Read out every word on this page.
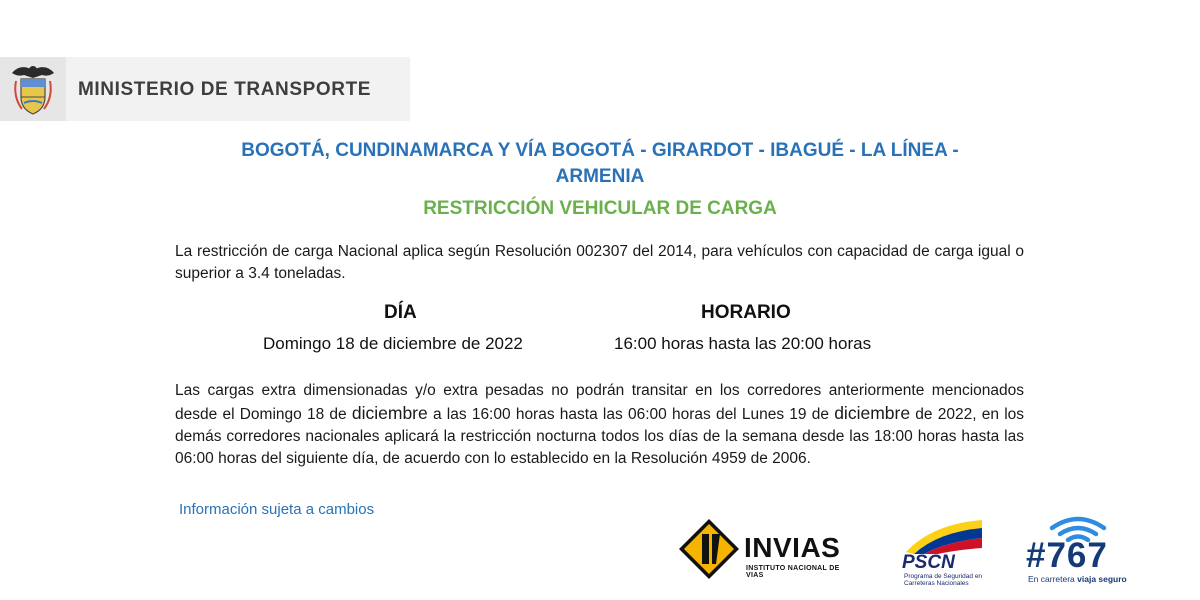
MINISTERIO DE TRANSPORTE
BOGOTÁ, CUNDINAMARCA Y VÍA BOGOTÁ - GIRARDOT - IBAGUÉ - LA LÍNEA -
ARMENIA
RESTRICCIÓN VEHICULAR DE CARGA
La restricción de carga Nacional aplica según Resolución 002307 del 2014, para vehículos con capacidad de carga igual o superior a 3.4 toneladas.
DÍA	HORARIO
Domingo 18 de diciembre de 2022	16:00 horas hasta las 20:00 horas
Las cargas extra dimensionadas y/o extra pesadas no podrán transitar en los corredores anteriormente mencionados desde el Domingo 18 de diciembre a las 16:00 horas hasta las 06:00 horas del Lunes 19 de diciembre de 2022, en los demás corredores nacionales aplicará la restricción nocturna todos los días de la semana desde las 18:00 horas hasta las 06:00 horas del siguiente día, de acuerdo con lo establecido en la Resolución 4959 de 2006.
Información sujeta a cambios
INVIAS
INSTITUTO NACIONAL DE VIAS
PSCN
Programa de Seguridad en
Carreteras Nacionales
#767
En carretera viaja seguro
